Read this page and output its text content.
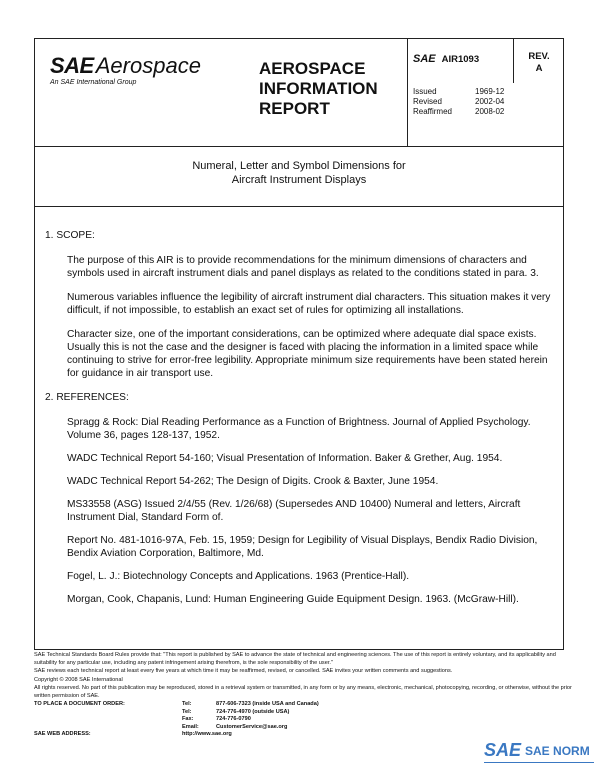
SAEAerospace
An SAE International Group
AEROSPACE
INFORMATION
REPORT
SAE AIR1093	REV.
A
Issued	1969-12
Revised	2002-04
Reaffirmed	2008-02
Numeral, Letter and Symbol Dimensions for
Aircraft Instrument Displays
1. SCOPE:

The purpose of this AIR is to provide recommendations for the minimum dimensions of characters and symbols used in aircraft instrument dials and panel displays as related to the conditions stated in para. 3.

Numerous variables influence the legibility of aircraft instrument dial characters. This situation makes it very difficult, if not impossible, to establish an exact set of rules for optimizing all installations.

Character size, one of the important considerations, can be optimized where adequate dial space exists. Usually this is not the case and the designer is faced with placing the information in a limited space while continuing to strive for error-free legibility. Appropriate minimum size requirements have been stated herein for guidance in air transport use.

2. REFERENCES:

Spragg & Rock: Dial Reading Performance as a Function of Brightness. Journal of Applied Psychology. Volume 36, pages 128-137, 1952.

WADC Technical Report 54-160; Visual Presentation of Information. Baker & Grether, Aug. 1954.

WADC Technical Report 54-262; The Design of Digits. Crook & Baxter, June 1954.

MS33558 (ASG) Issued 2/4/55 (Rev. 1/26/68) (Supersedes AND 10400) Numeral and letters, Aircraft Instrument Dial, Standard Form of.

Report No. 481-1016-97A, Feb. 15, 1959; Design for Legibility of Visual Displays, Bendix Radio Division, Bendix Aviation Corporation, Baltimore, Md.

Fogel, L. J.: Biotechnology Concepts and Applications. 1963 (Prentice-Hall).

Morgan, Cook, Chapanis, Lund: Human Engineering Guide Equipment Design. 1963. (McGraw-Hill).

SAE Technical Standards Board Rules provide that: "This report is published by SAE to advance the state of technical and engineering sciences. The use of this report is entirely voluntary, and its applicability and suitability for any particular use, including any patent infringement arising therefrom, is the sole responsibility of the user."

SAE reviews each technical report at least every five years at which time it may be reaffirmed, revised, or cancelled. SAE invites your written comments and suggestions.

Copyright © 2008 SAE International

All rights reserved. No part of this publication may be reproduced, stored in a retrieval system or transmitted, in any form or by any means, electronic, mechanical, photocopying, recording, or otherwise, without the prior written permission of SAE.

TO PLACE A DOCUMENT ORDER:	Tel:	877-606-7323 (inside USA and Canada)
Tel:	724-776-4970 (outside USA)
Fax:	724-776-0790
Email:	CustomerService@sae.org
SAE WEB ADDRESS:	http://www.sae.org
SAE SAE NORM
